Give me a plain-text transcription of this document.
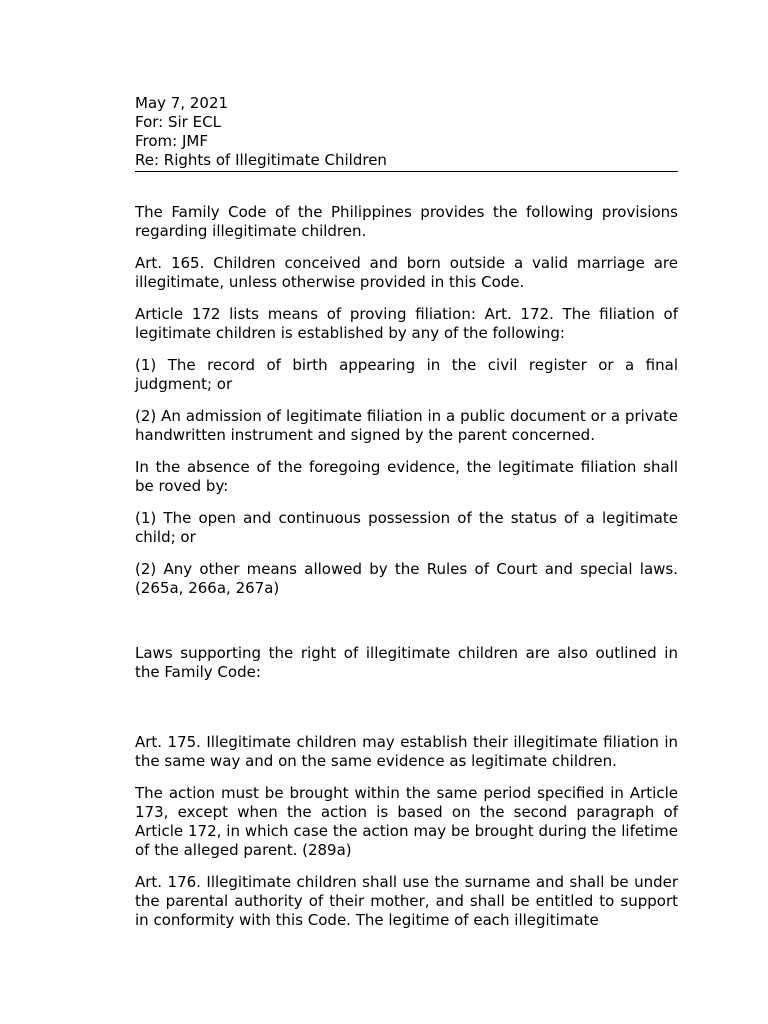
May 7, 2021
For: Sir ECL
From: JMF
Re: Rights of Illegitimate Children

The Family Code of the Philippines provides the following provisions regarding illegitimate children.

Art. 165. Children conceived and born outside a valid marriage are illegitimate, unless otherwise provided in this Code.

Article 172 lists means of proving filiation: Art. 172. The filiation of legitimate children is established by any of the following:

(1) The record of birth appearing in the civil register or a final judgment; or

(2) An admission of legitimate filiation in a public document or a private handwritten instrument and signed by the parent concerned.

In the absence of the foregoing evidence, the legitimate filiation shall be roved by:

(1) The open and continuous possession of the status of a legitimate child; or

(2) Any other means allowed by the Rules of Court and special laws. (265a, 266a, 267a)

Laws supporting the right of illegitimate children are also outlined in the Family Code:

Art. 175. Illegitimate children may establish their illegitimate filiation in the same way and on the same evidence as legitimate children.

The action must be brought within the same period specified in Article 173, except when the action is based on the second paragraph of Article 172, in which case the action may be brought during the lifetime of the alleged parent. (289a)

Art. 176. Illegitimate children shall use the surname and shall be under the parental authority of their mother, and shall be entitled to support in conformity with this Code. The legitime of each illegitimate
